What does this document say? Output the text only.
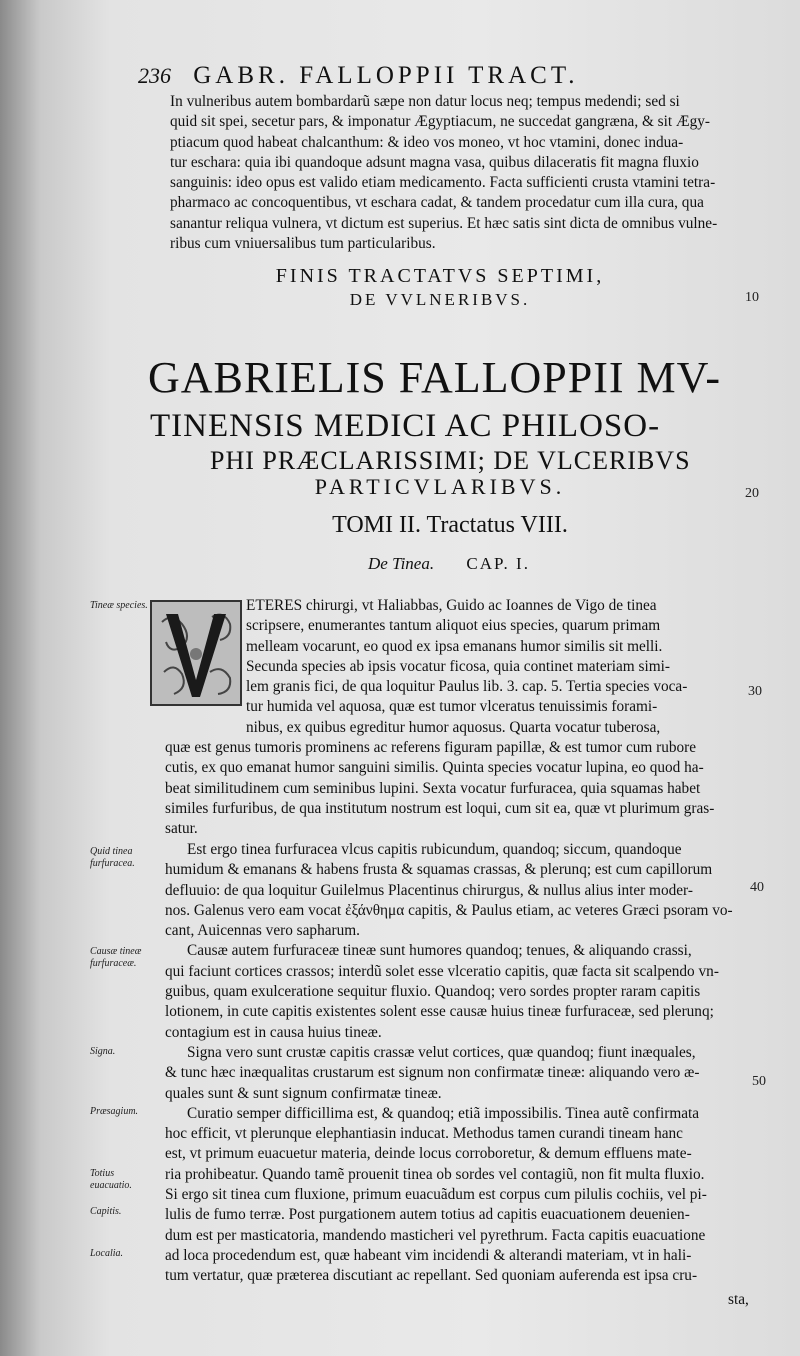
236 GABR. FALLOPPII TRACT.
In vulneribus autem bombardarũ sæpe non datur locus neq; tempus medendi; sed si
quid sit spei, secetur pars, & imponatur Ægyptiacum, ne succedat gangræna, & sit Ægy-
ptiacum quod habeat chalcanthum: & ideo vos moneo, vt hoc vtamini, donec indua-
tur eschara: quia ibi quandoque adsunt magna vasa, quibus dilaceratis fit magna fluxio
sanguinis: ideo opus est valido etiam medicamento. Facta sufficienti crusta vtamini tetra-
pharmaco ac concoquentibus, vt eschara cadat, & tandem procedatur cum illa cura, qua
sanantur reliqua vulnera, vt dictum est superius. Et hæc satis sint dicta de omnibus vulne-
ribus cum vniuersalibus tum particularibus.
FINIS TRACTATVS SEPTIMI,
DE VVLNERIBVS.	10
GABRIELIS FALLOPPII MV-
TINENSIS MEDICI AC PHILOSO-
PHI PRÆCLARISSIMI; DE VLCERIBVS
PARTICVLARIBVS.	20
TOMI II. Tractatus VIII.
De Tinea. CAP. I.
Tineæ species.
Quid tinea furfuracea.
Causæ tineæ furfuraceæ.
Signa.
Præsagium.
Totius euacuatio.
Capitis.
Localia.
ETERES chirurgi, vt Haliabbas, Guido ac Ioannes de Vigo de tinea
scripsere, enumerantes tantum aliquot eius species, quarum primam
melleam vocarunt, eo quod ex ipsa emanans humor similis sit melli.
Secunda species ab ipsis vocatur ficosa, quia continet materiam simi-
lem granis fici, de qua loquitur Paulus lib. 3. cap. 5. Tertia species voca-
tur humida vel aquosa, quæ est tumor vlceratus tenuissimis forami-
nibus, ex quibus egreditur humor aquosus. Quarta vocatur tuberosa,
30
quæ est genus tumoris prominens ac referens figuram papillæ, & est tumor cum rubore
cutis, ex quo emanat humor sanguini similis. Quinta species vocatur lupina, eo quod ha-
beat similitudinem cum seminibus lupini. Sexta vocatur furfuracea, quia squamas habet
similes furfuribus, de qua institutum nostrum est loqui, cum sit ea, quæ vt plurimum gras-
satur.
Est ergo tinea furfuracea vlcus capitis rubicundum, quandoq; siccum, quandoque
humidum & emanans & habens frusta & squamas crassas, & plerunq; est cum capillorum
defluuio: de qua loquitur Guilelmus Placentinus chirurgus, & nullus alius inter moder-
nos. Galenus vero eam vocat ἐξάνθημα capitis, & Paulus etiam, ac veteres Græci psoram vo-
cant, Auicennas vero sapharum.
Causæ autem furfuraceæ tineæ sunt humores quandoq; tenues, & aliquando crassi,
qui faciunt cortices crassos; interdũ solet esse vlceratio capitis, quæ facta sit scalpendo vn-
guibus, quam exulceratione sequitur fluxio. Quandoq; vero sordes propter raram capitis
lotionem, in cute capitis existentes solent esse causæ huius tineæ furfuraceæ, sed plerunq;
contagium est in causa huius tineæ.
Signa vero sunt crustæ capitis crassæ velut cortices, quæ quandoq; fiunt inæquales,
& tunc hæc inæqualitas crustarum est signum non confirmatæ tineæ: aliquando vero æ-
quales sunt & sunt signum confirmatæ tineæ.
Curatio semper difficillima est, & quandoq; etiã impossibilis. Tinea autẽ confirmata
hoc efficit, vt plerunque elephantiasin inducat. Methodus tamen curandi tineam hanc
est, vt primum euacuetur materia, deinde locus corroboretur, & demum effluens mate-
ria prohibeatur. Quando tamẽ prouenit tinea ob sordes vel contagiũ, non fit multa fluxio.
Si ergo sit tinea cum fluxione, primum euacuãdum est corpus cum pilulis cochiis, vel pi-
lulis de fumo terræ. Post purgationem autem totius ad capitis euacuationem deuenien-
dum est per masticatoria, mandendo masticheri vel pyrethrum. Facta capitis euacuatione
ad loca procedendum est, quæ habeant vim incidendi & alterandi materiam, vt in hali-
tum vertatur, quæ præterea discutiant ac repellant. Sed quoniam auferenda est ipsa cru-
40
50
sta,
